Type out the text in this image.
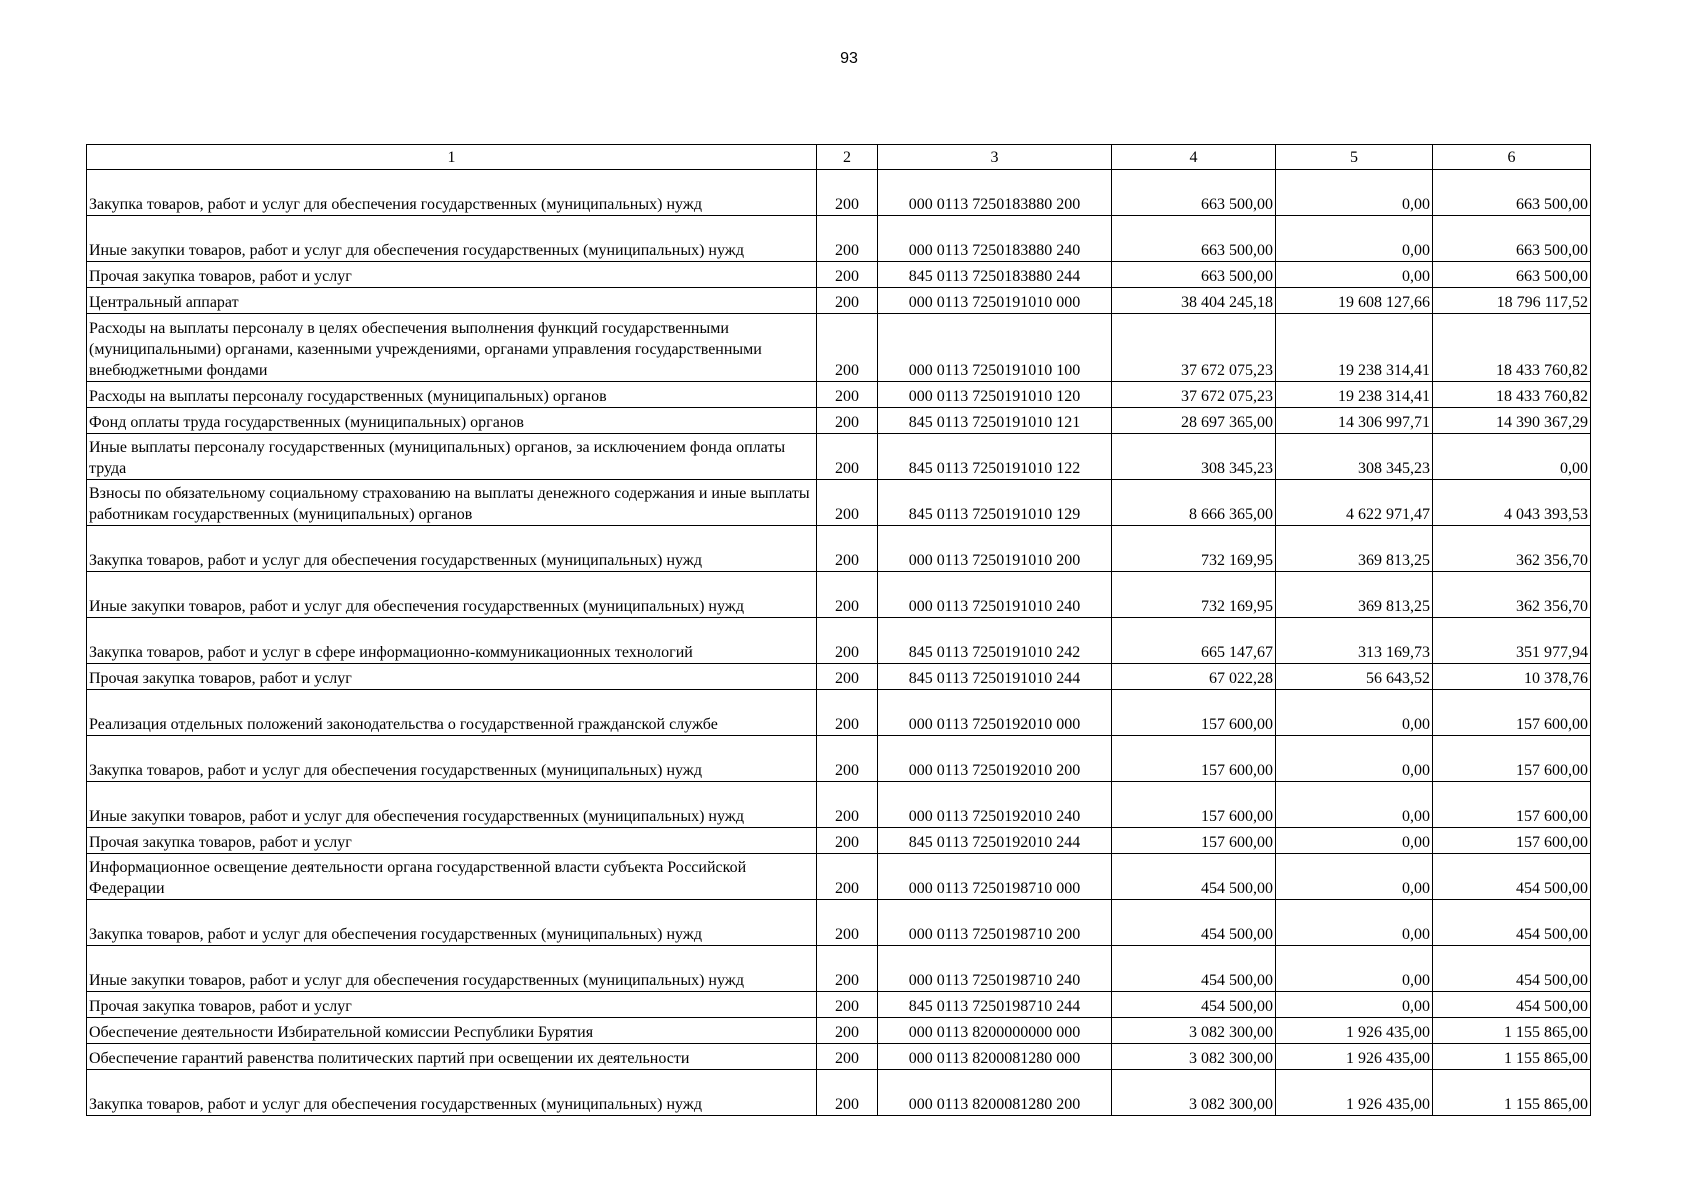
93
1	2	3	4	5	6
Закупка товаров, работ и услуг для обеспечения государственных (муниципальных) нужд	200	000 0113 7250183880 200	663 500,00	0,00	663 500,00
Иные закупки товаров, работ и услуг для обеспечения государственных (муниципальных) нужд	200	000 0113 7250183880 240	663 500,00	0,00	663 500,00
Прочая закупка товаров, работ и услуг	200	845 0113 7250183880 244	663 500,00	0,00	663 500,00
Центральный аппарат	200	000 0113 7250191010 000	38 404 245,18	19 608 127,66	18 796 117,52
Расходы на выплаты персоналу в целях обеспечения выполнения функций государственными (муниципальными) органами, казенными учреждениями, органами управления государственными внебюджетными фондами	200	000 0113 7250191010 100	37 672 075,23	19 238 314,41	18 433 760,82
Расходы на выплаты персоналу государственных (муниципальных) органов	200	000 0113 7250191010 120	37 672 075,23	19 238 314,41	18 433 760,82
Фонд оплаты труда государственных (муниципальных) органов	200	845 0113 7250191010 121	28 697 365,00	14 306 997,71	14 390 367,29
Иные выплаты персоналу государственных (муниципальных) органов, за исключением фонда оплаты труда	200	845 0113 7250191010 122	308 345,23	308 345,23	0,00
Взносы по обязательному социальному страхованию на выплаты денежного содержания и иные выплаты работникам государственных (муниципальных) органов	200	845 0113 7250191010 129	8 666 365,00	4 622 971,47	4 043 393,53
Закупка товаров, работ и услуг для обеспечения государственных (муниципальных) нужд	200	000 0113 7250191010 200	732 169,95	369 813,25	362 356,70
Иные закупки товаров, работ и услуг для обеспечения государственных (муниципальных) нужд	200	000 0113 7250191010 240	732 169,95	369 813,25	362 356,70
Закупка товаров, работ и услуг в сфере информационно-коммуникационных технологий	200	845 0113 7250191010 242	665 147,67	313 169,73	351 977,94
Прочая закупка товаров, работ и услуг	200	845 0113 7250191010 244	67 022,28	56 643,52	10 378,76
Реализация отдельных положений законодательства о государственной гражданской службе	200	000 0113 7250192010 000	157 600,00	0,00	157 600,00
Закупка товаров, работ и услуг для обеспечения государственных (муниципальных) нужд	200	000 0113 7250192010 200	157 600,00	0,00	157 600,00
Иные закупки товаров, работ и услуг для обеспечения государственных (муниципальных) нужд	200	000 0113 7250192010 240	157 600,00	0,00	157 600,00
Прочая закупка товаров, работ и услуг	200	845 0113 7250192010 244	157 600,00	0,00	157 600,00
Информационное освещение деятельности органа государственной власти субъекта Российской Федерации	200	000 0113 7250198710 000	454 500,00	0,00	454 500,00
Закупка товаров, работ и услуг для обеспечения государственных (муниципальных) нужд	200	000 0113 7250198710 200	454 500,00	0,00	454 500,00
Иные закупки товаров, работ и услуг для обеспечения государственных (муниципальных) нужд	200	000 0113 7250198710 240	454 500,00	0,00	454 500,00
Прочая закупка товаров, работ и услуг	200	845 0113 7250198710 244	454 500,00	0,00	454 500,00
Обеспечение деятельности Избирательной комиссии Республики Бурятия	200	000 0113 8200000000 000	3 082 300,00	1 926 435,00	1 155 865,00
Обеспечение гарантий равенства политических партий при освещении их деятельности	200	000 0113 8200081280 000	3 082 300,00	1 926 435,00	1 155 865,00
Закупка товаров, работ и услуг для обеспечения государственных (муниципальных) нужд	200	000 0113 8200081280 200	3 082 300,00	1 926 435,00	1 155 865,00
